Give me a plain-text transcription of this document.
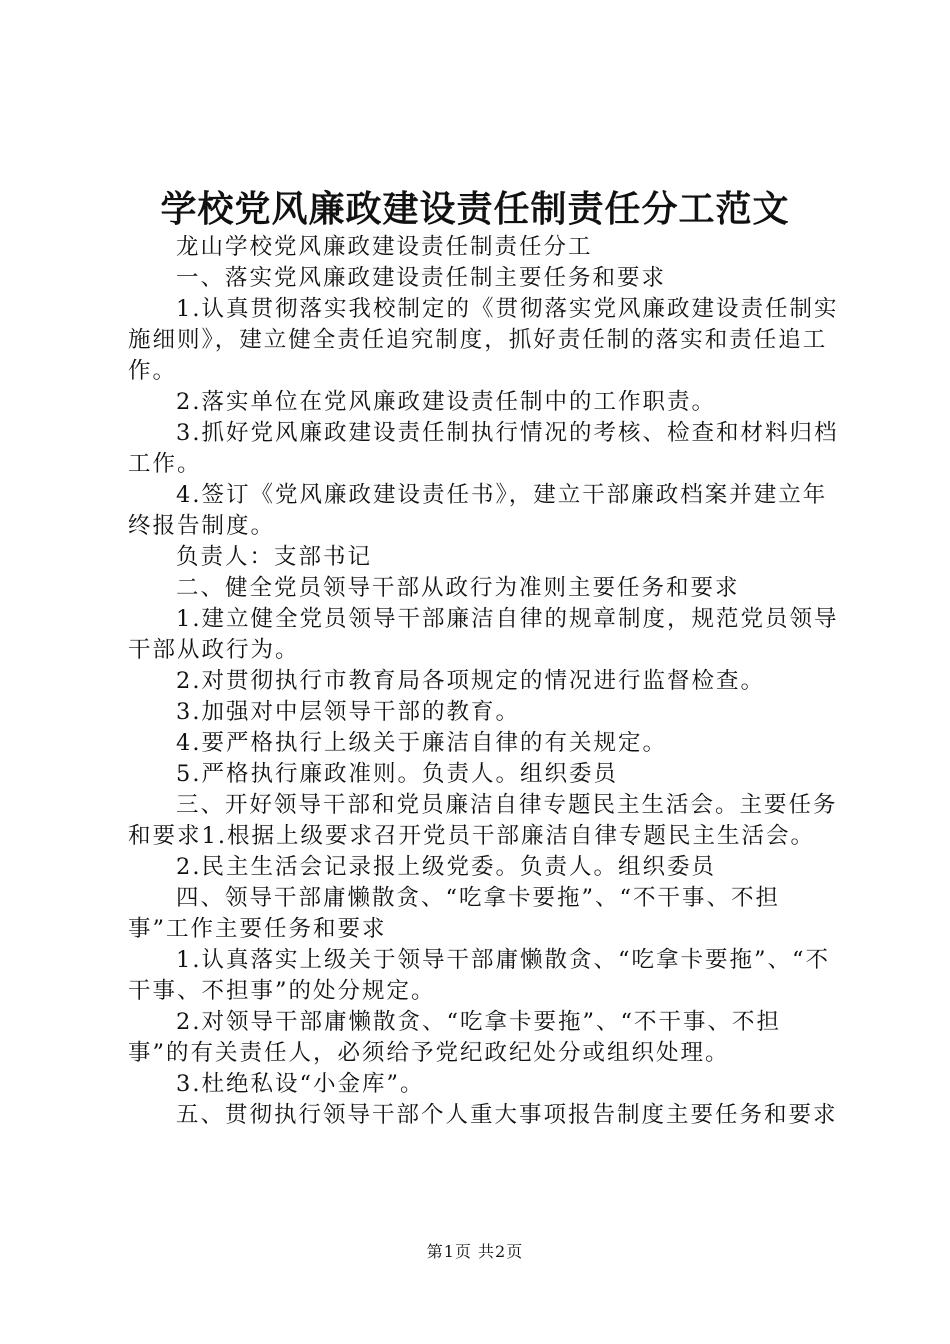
学校党风廉政建设责任制责任分工范文

龙山学校党风廉政建设责任制责任分工

一、落实党风廉政建设责任制主要任务和要求

1.认真贯彻落实我校制定的《贯彻落实党风廉政建设责任制实施细则》，建立健全责任追究制度，抓好责任制的落实和责任追工作。

2.落实单位在党风廉政建设责任制中的工作职责。

3.抓好党风廉政建设责任制执行情况的考核、检查和材料归档工作。

4.签订《党风廉政建设责任书》，建立干部廉政档案并建立年终报告制度。

负责人：支部书记

二、健全党员领导干部从政行为准则主要任务和要求

1.建立健全党员领导干部廉洁自律的规章制度，规范党员领导干部从政行为。

2.对贯彻执行市教育局各项规定的情况进行监督检查。

3.加强对中层领导干部的教育。

4.要严格执行上级关于廉洁自律的有关规定。

5.严格执行廉政准则。负责人。组织委员

三、开好领导干部和党员廉洁自律专题民主生活会。主要任务和要求1.根据上级要求召开党员干部廉洁自律专题民主生活会。

2.民主生活会记录报上级党委。负责人。组织委员

四、领导干部庸懒散贪、“吃拿卡要拖”、“不干事、不担事”工作主要任务和要求

1.认真落实上级关于领导干部庸懒散贪、“吃拿卡要拖”、“不干事、不担事”的处分规定。

2.对领导干部庸懒散贪、“吃拿卡要拖”、“不干事、不担事”的有关责任人，必须给予党纪政纪处分或组织处理。

3.杜绝私设“小金库”。

五、贯彻执行领导干部个人重大事项报告制度主要任务和要求

第1页 共2页
